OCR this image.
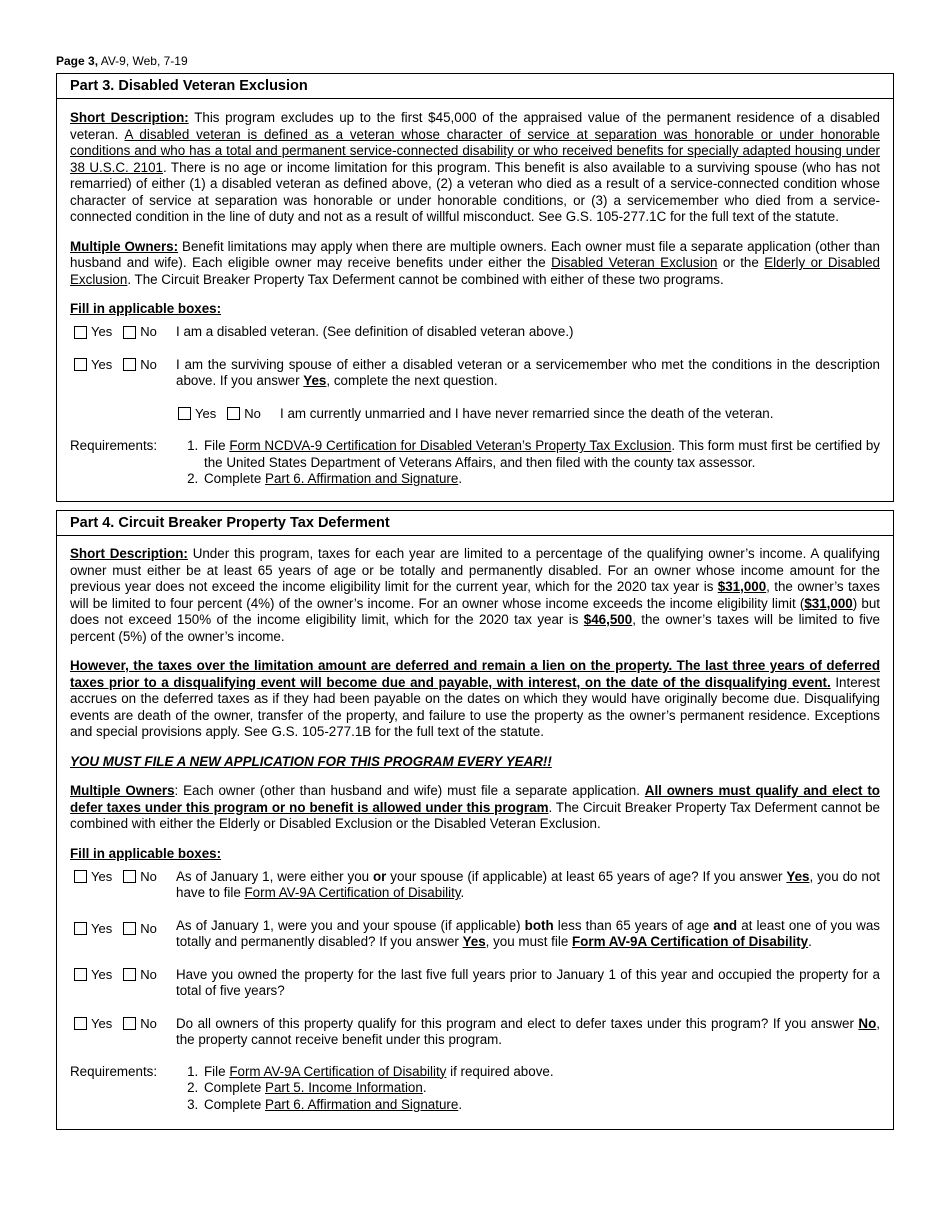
Page 3, AV-9, Web, 7-19
Part 3. Disabled Veteran Exclusion

Short Description: This program excludes up to the first $45,000 of the appraised value of the permanent residence of a disabled veteran. A disabled veteran is defined as a veteran whose character of service at separation was honorable or under honorable conditions and who has a total and permanent service-connected disability or who received benefits for specially adapted housing under 38 U.S.C. 2101. There is no age or income limitation for this program. This benefit is also available to a surviving spouse (who has not remarried) of either (1) a disabled veteran as defined above, (2) a veteran who died as a result of a service-connected condition whose character of service at separation was honorable or under honorable conditions, or (3) a servicemember who died from a service-connected condition in the line of duty and not as a result of willful misconduct. See G.S. 105-277.1C for the full text of the statute.

Multiple Owners: Benefit limitations may apply when there are multiple owners. Each owner must file a separate application (other than husband and wife). Each eligible owner may receive benefits under either the Disabled Veteran Exclusion or the Elderly or Disabled Exclusion. The Circuit Breaker Property Tax Deferment cannot be combined with either of these two programs.

Fill in applicable boxes:
Yes No I am a disabled veteran. (See definition of disabled veteran above.)
Yes No I am the surviving spouse of either a disabled veteran or a servicemember who met the conditions in the description above. If you answer Yes, complete the next question.
Yes No I am currently unmarried and I have never remarried since the death of the veteran.
Requirements:	1. File Form NCDVA-9 Certification for Disabled Veteran’s Property Tax Exclusion. This form must first be certified by the United States Department of Veterans Affairs, and then filed with the county tax assessor.
2. Complete Part 6. Affirmation and Signature.
Part 4. Circuit Breaker Property Tax Deferment

Short Description: Under this program, taxes for each year are limited to a percentage of the qualifying owner’s income. A qualifying owner must either be at least 65 years of age or be totally and permanently disabled. For an owner whose income amount for the previous year does not exceed the income eligibility limit for the current year, which for the 2020 tax year is $31,000, the owner’s taxes will be limited to four percent (4%) of the owner’s income. For an owner whose income exceeds the income eligibility limit ($31,000) but does not exceed 150% of the income eligibility limit, which for the 2020 tax year is $46,500, the owner’s taxes will be limited to five percent (5%) of the owner’s income.

However, the taxes over the limitation amount are deferred and remain a lien on the property. The last three years of deferred taxes prior to a disqualifying event will become due and payable, with interest, on the date of the disqualifying event. Interest accrues on the deferred taxes as if they had been payable on the dates on which they would have originally become due. Disqualifying events are death of the owner, transfer of the property, and failure to use the property as the owner’s permanent residence. Exceptions and special provisions apply. See G.S. 105-277.1B for the full text of the statute.

YOU MUST FILE A NEW APPLICATION FOR THIS PROGRAM EVERY YEAR!!

Multiple Owners: Each owner (other than husband and wife) must file a separate application. All owners must qualify and elect to defer taxes under this program or no benefit is allowed under this program. The Circuit Breaker Property Tax Deferment cannot be combined with either the Elderly or Disabled Exclusion or the Disabled Veteran Exclusion.

Fill in applicable boxes:
Yes No As of January 1, were either you or your spouse (if applicable) at least 65 years of age? If you answer Yes, you do not have to file Form AV-9A Certification of Disability.
Yes No As of January 1, were you and your spouse (if applicable) both less than 65 years of age and at least one of you was totally and permanently disabled? If you answer Yes, you must file Form AV-9A Certification of Disability.
Yes No Have you owned the property for the last five full years prior to January 1 of this year and occupied the property for a total of five years?
Yes No Do all owners of this property qualify for this program and elect to defer taxes under this program? If you answer No, the property cannot receive benefit under this program.
Requirements:	1. File Form AV-9A Certification of Disability if required above.
2. Complete Part 5. Income Information.
3. Complete Part 6. Affirmation and Signature.
